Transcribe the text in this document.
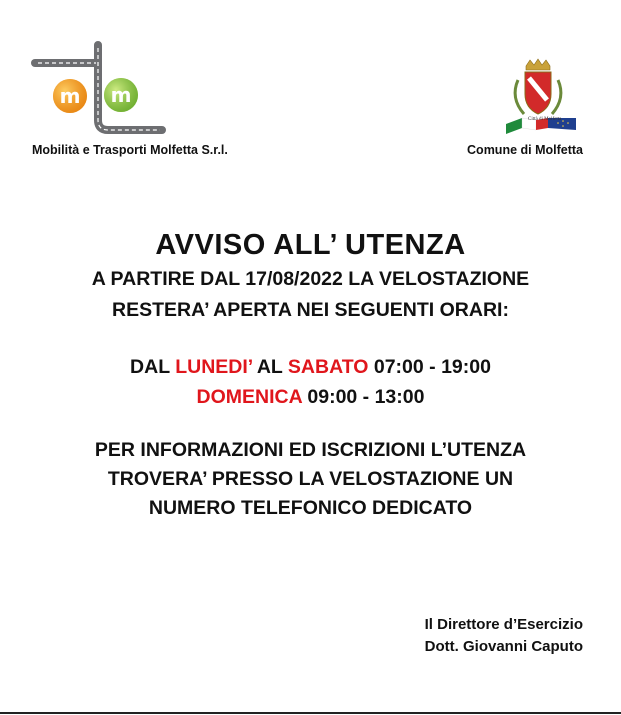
m m
Mobilità e Trasporti Molfetta S.r.l.
Città di Molfetta
Comune di Molfetta
AVVISO ALL’ UTENZA
A PARTIRE DAL 17/08/2022 LA VELOSTAZIONE
RESTERA’ APERTA NEI SEGUENTI ORARI:
DAL LUNEDI’ AL SABATO 07:00 - 19:00
DOMENICA 09:00 - 13:00
PER INFORMAZIONI ED ISCRIZIONI L’UTENZA
TROVERA’ PRESSO LA VELOSTAZIONE UN
NUMERO TELEFONICO DEDICATO
Il Direttore d’Esercizio
Dott. Giovanni Caputo
